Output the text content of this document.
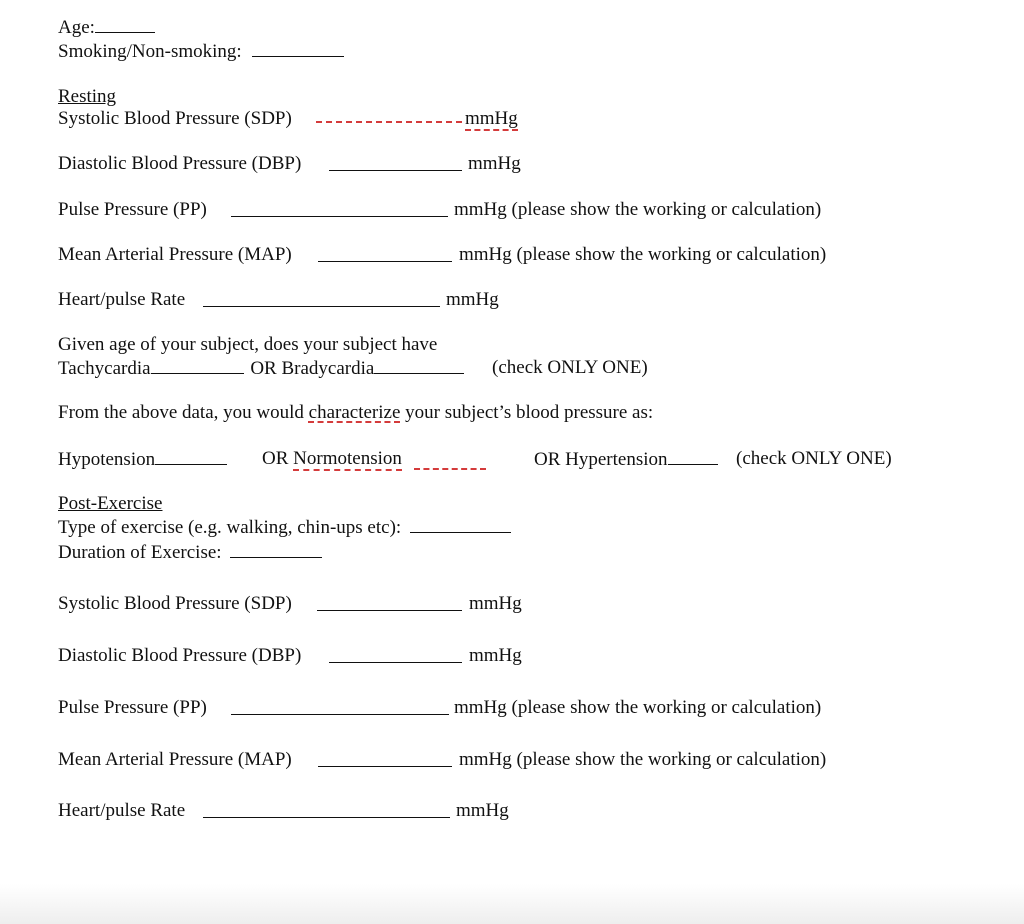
Age:
Smoking/Non-smoking:
Resting
Systolic Blood Pressure (SDP)	mmHg
Diastolic Blood Pressure (DBP)	mmHg
Pulse Pressure (PP)	mmHg (please show the working or calculation)
Mean Arterial Pressure (MAP)	mmHg (please show the working or calculation)
Heart/pulse Rate	mmHg
Given age of your subject, does your subject have
Tachycardia	OR Bradycardia	(check ONLY ONE)
From the above data, you would characterize your subject’s blood pressure as:
Hypotension	OR Normotension	OR Hypertension	(check ONLY ONE)
Post-Exercise
Type of exercise (e.g. walking, chin-ups etc):
Duration of Exercise:
Systolic Blood Pressure (SDP)	mmHg
Diastolic Blood Pressure (DBP)	mmHg
Pulse Pressure (PP)	mmHg (please show the working or calculation)
Mean Arterial Pressure (MAP)	mmHg (please show the working or calculation)
Heart/pulse Rate	mmHg
